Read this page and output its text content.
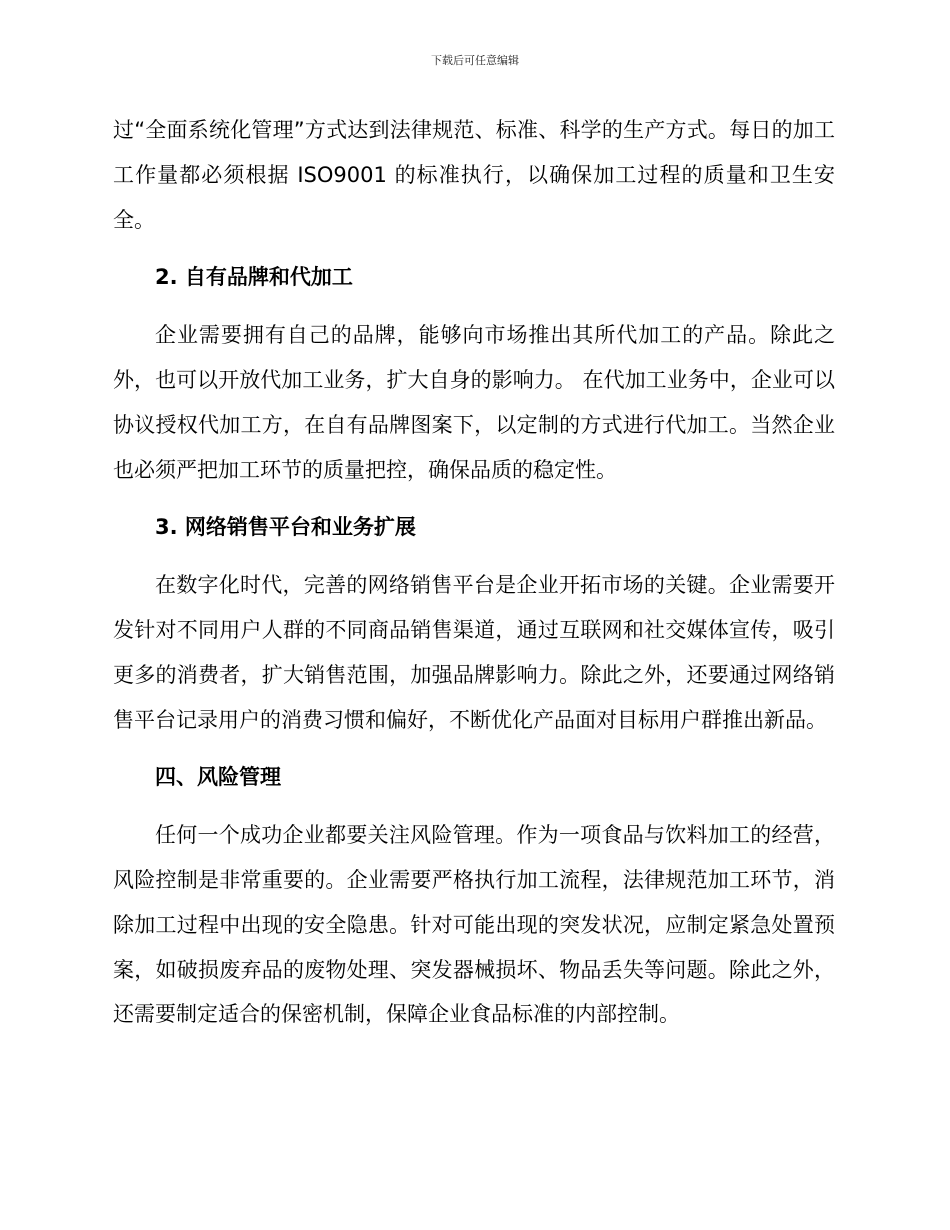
下载后可任意编辑

过“全面系统化管理”方式达到法律规范、标准、科学的生产方式。每日的加工工作量都必须根据 ISO9001 的标准执行，以确保加工过程的质量和卫生安全。

2. 自有品牌和代加工

企业需要拥有自己的品牌，能够向市场推出其所代加工的产品。除此之外，也可以开放代加工业务，扩大自身的影响力。 在代加工业务中，企业可以协议授权代加工方，在自有品牌图案下，以定制的方式进行代加工。当然企业也必须严把加工环节的质量把控，确保品质的稳定性。

3. 网络销售平台和业务扩展

在数字化时代，完善的网络销售平台是企业开拓市场的关键。企业需要开发针对不同用户人群的不同商品销售渠道，通过互联网和社交媒体宣传，吸引更多的消费者，扩大销售范围，加强品牌影响力。除此之外，还要通过网络销售平台记录用户的消费习惯和偏好，不断优化产品面对目标用户群推出新品。

四、风险管理

任何一个成功企业都要关注风险管理。作为一项食品与饮料加工的经营，风险控制是非常重要的。企业需要严格执行加工流程，法律规范加工环节，消除加工过程中出现的安全隐患。针对可能出现的突发状况，应制定紧急处置预案，如破损废弃品的废物处理、突发器械损坏、物品丢失等问题。除此之外，还需要制定适合的保密机制，保障企业食品标准的内部控制。
